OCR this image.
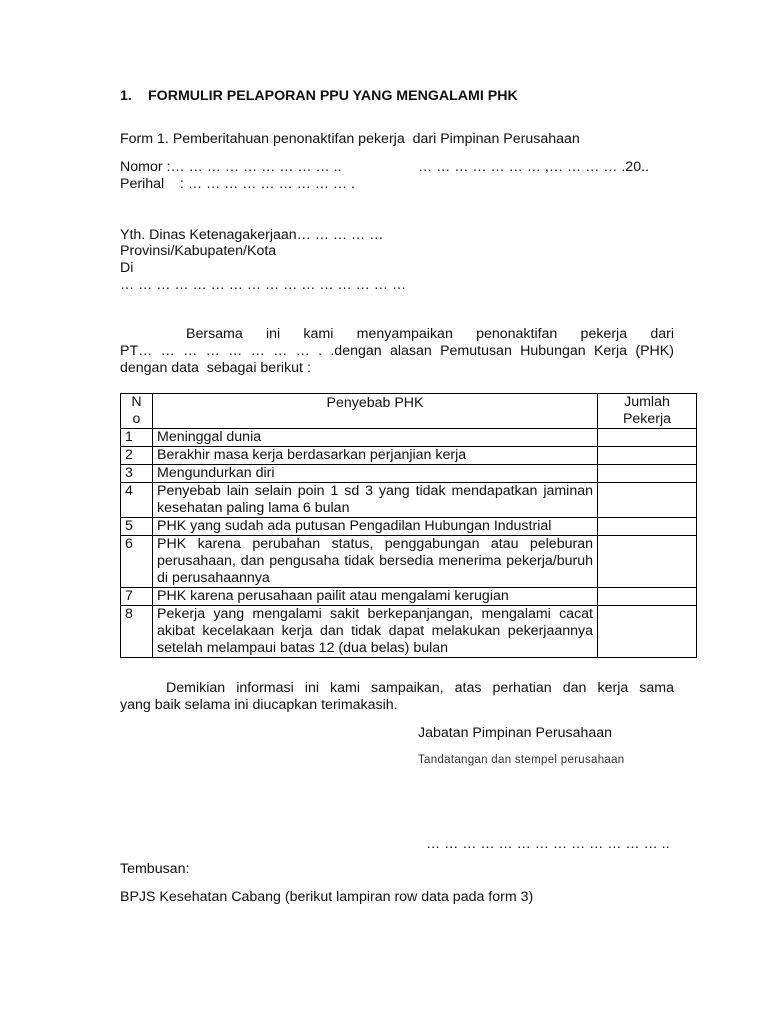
1. FORMULIR PELAPORAN PPU YANG MENGALAMI PHK
Form 1. Pemberitahuan penonaktifan pekerja  dari Pimpinan Perusahaan
Nomor :… … … … … … … … … ..	… … … … … … … ,… … … … .20..
Perihal    : … … … … … … … … … .
Yth. Dinas Ketenagakerjaan… … … … …
Provinsi/Kabupaten/Kota
Di
… … … … … … … … … … … … … … … …
Bersama ini kami menyampaikan penonaktifan pekerja dari
PT… … … … … … … … . .dengan alasan Pemutusan Hubungan Kerja (PHK)
dengan data  sebagai berikut :
N o	Penyebab PHK	Jumlah Pekerja
1	Meninggal dunia	
2	Berakhir masa kerja berdasarkan perjanjian kerja	
3	Mengundurkan diri	
4	Penyebab lain selain poin 1 sd 3 yang tidak mendapatkan jaminan kesehatan paling lama 6 bulan	
5	PHK yang sudah ada putusan Pengadilan Hubungan Industrial	
6	PHK karena perubahan status, penggabungan atau peleburan perusahaan, dan pengusaha tidak bersedia menerima pekerja/buruh di perusahaannya	
7	PHK karena perusahaan pailit atau mengalami kerugian	
8	Pekerja yang mengalami sakit berkepanjangan, mengalami cacat akibat kecelakaan kerja dan tidak dapat melakukan pekerjaannya setelah melampaui batas 12 (dua belas) bulan	
Demikian informasi ini kami sampaikan, atas perhatian dan kerja sama
yang baik selama ini diucapkan terimakasih.
Jabatan Pimpinan Perusahaan
Tandatangan dan stempel perusahaan
… … … … … … … … … … … … … ..
Tembusan:
BPJS Kesehatan Cabang (berikut lampiran row data pada form 3)
